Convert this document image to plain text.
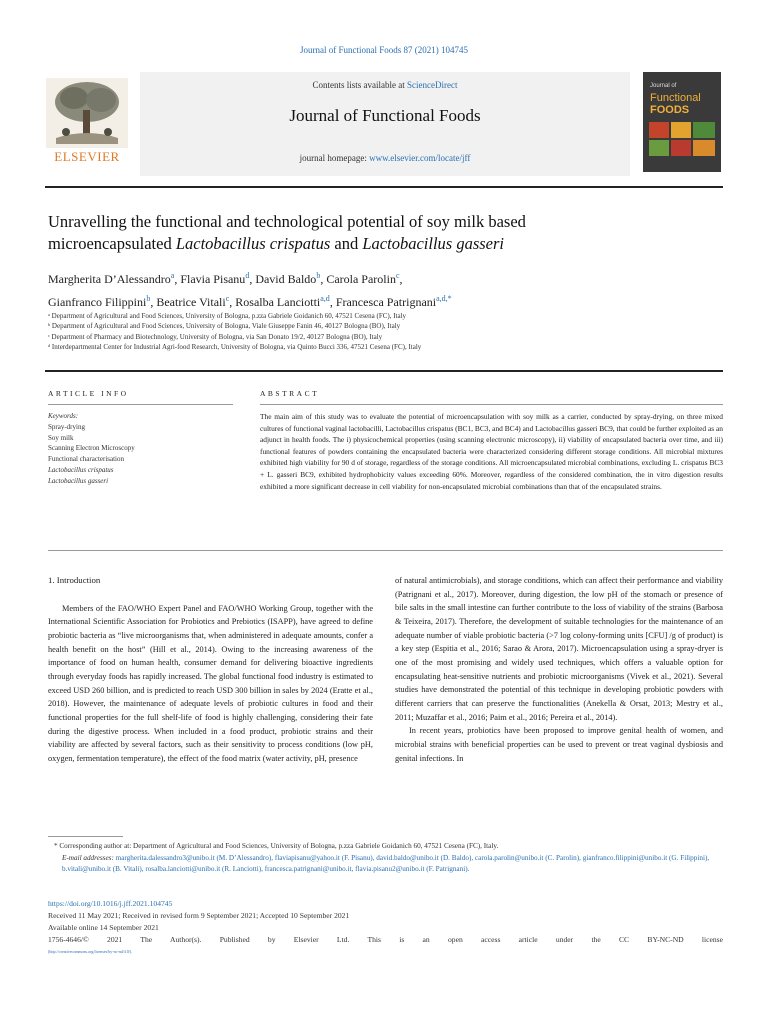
Journal of Functional Foods 87 (2021) 104745
Contents lists available at ScienceDirect
Journal of Functional Foods
journal homepage: www.elsevier.com/locate/jff
ELSEVIER
Journal of
Functional
FOODS
Unravelling the functional and technological potential of soy milk based
microencapsulated Lactobacillus crispatus and Lactobacillus gasseri
Margherita D’Alessandro$^a$, Flavia Pisanu$^d$, David Baldo$^b$, Carola Parolin$^c$,
Gianfranco Filippini$^b$, Beatrice Vitali$^c$, Rosalba Lanciotti$^{a,d}$, Francesca Patrignani$^{a,d,*}$
ᵃ Department of Agricultural and Food Sciences, University of Bologna, p.zza Gabriele Goidanich 60, 47521 Cesena (FC), Italy
ᵇ Department of Agricultural and Food Sciences, University of Bologna, Viale Giuseppe Fanin 46, 40127 Bologna (BO), Italy
ᶜ Department of Pharmacy and Biotechnology, University of Bologna, via San Donato 19/2, 40127 Bologna (BO), Italy
ᵈ Interdepartmental Center for Industrial Agri-food Research, University of Bologna, via Quinto Bucci 336, 47521 Cesena (FC), Italy
ARTICLE INFO	ABSTRACT
Keywords:
Spray-drying
Soy milk
Scanning Electron Microscopy
Functional characterisation
Lactobacillus crispatus
Lactobacillus gasseri
The main aim of this study was to evaluate the potential of microencapsulation with soy milk as a carrier, conducted by spray-drying, on three mixed cultures of functional vaginal lactobacilli, Lactobacillus crispatus (BC1, BC3, and BC4) and Lactobacillus gasseri BC9, that could be further exploited as an adjunct in health foods. The i) physicochemical properties (using scanning electronic microscopy), ii) viability of encapsulated bacteria over time, and iii) functional features of powders containing the encapsulated bacteria were characterized considering different storage conditions. All microbial mixtures exhibited high viability for 90 d of storage, regardless of the storage conditions. All microencapsulated microbial combinations, excluding L. crispatus BC3 + L. gasseri BC9, exhibited hydrophobicity values exceeding 60%. Moreover, regardless of the considered combination, the in vitro digestion results exhibited a more significant decrease in cell viability for non-encapsulated microbial combinations than that of the encapsulated strains.
1. Introduction

Members of the FAO/WHO Expert Panel and FAO/WHO Working Group, together with the International Scientific Association for Probiotics and Prebiotics (ISAPP), have agreed to define probiotic bacteria as “live microorganisms that, when administered in adequate amounts, confer a health benefit on the host” (Hill et al., 2014). Owing to the increasing awareness of the importance of food on human health, consumer demand for delivering bioactive ingredients through everyday foods has rapidly increased. The global functional food industry is estimated to exceed USD 260 billion, and is predicted to reach USD 300 billion in sales by 2024 (Eratte et al., 2018). However, the maintenance of adequate levels of probiotic cultures in food and their functional properties for the full shelf-life of food is highly challenging, considering their fate during the digestive process. When included in a food product, probiotic strains and their viability are affected by several factors, such as their sensitivity to process conditions (low pH, oxygen, fermentation temperature), the effect of the food matrix (water activity, pH, presence

of natural antimicrobials), and storage conditions, which can affect their performance and viability (Patrignani et al., 2017). Moreover, during digestion, the low pH of the stomach or presence of bile salts in the small intestine can further contribute to the loss of viability of the strains (Barbosa & Teixeira, 2017). Therefore, the development of suitable technologies for the maintenance of an adequate number of viable probiotic bacteria (>7 log colony-forming units [CFU] /g of product) is a key step (Espitia et al., 2016; Sarao & Arora, 2017). Microencapsulation using a spray-dryer is one of the most promising and widely used techniques, which offers a valuable option for encapsulating heat-sensitive nutrients and probiotic microorganisms (Vivek et al., 2021). Several studies have demonstrated the potential of this technique in developing probiotic powders with different carriers that can preserve the functionalities (Anekella & Orsat, 2013; Mestry et al., 2011; Muzaffar et al., 2016; Paim et al., 2016; Pereira et al., 2014).

In recent years, probiotics have been proposed to improve genital health of women, and microbial strains with beneficial properties can be used to prevent or treat vaginal dysbiosis and genital infections. In

* Corresponding author at: Department of Agricultural and Food Sciences, University of Bologna, p.zza Gabriele Goidanich 60, 47521 Cesena (FC), Italy.

E-mail addresses: margherita.dalessandro3@unibo.it (M. D’Alessandro), flaviapisanu@yahoo.it (F. Pisanu), david.baldo@unibo.it (D. Baldo), carola.parolin@unibo.it (C. Parolin), gianfranco.filippini@unibo.it (G. Filippini), b.vitali@unibo.it (B. Vitali), rosalba.lanciotti@unibo.it (R. Lanciotti), francesca.patrignani@unibo.it, flavia.pisanu2@unibo.it (F. Patrignani).

https://doi.org/10.1016/j.jff.2021.104745

Received 11 May 2021; Received in revised form 9 September 2021; Accepted 10 September 2021

Available online 14 September 2021

1756-4646/© 2021 The Author(s). Published by Elsevier Ltd. This is an open access article under the CC BY-NC-ND license

(http://creativecommons.org/licenses/by-nc-nd/4.0/).
